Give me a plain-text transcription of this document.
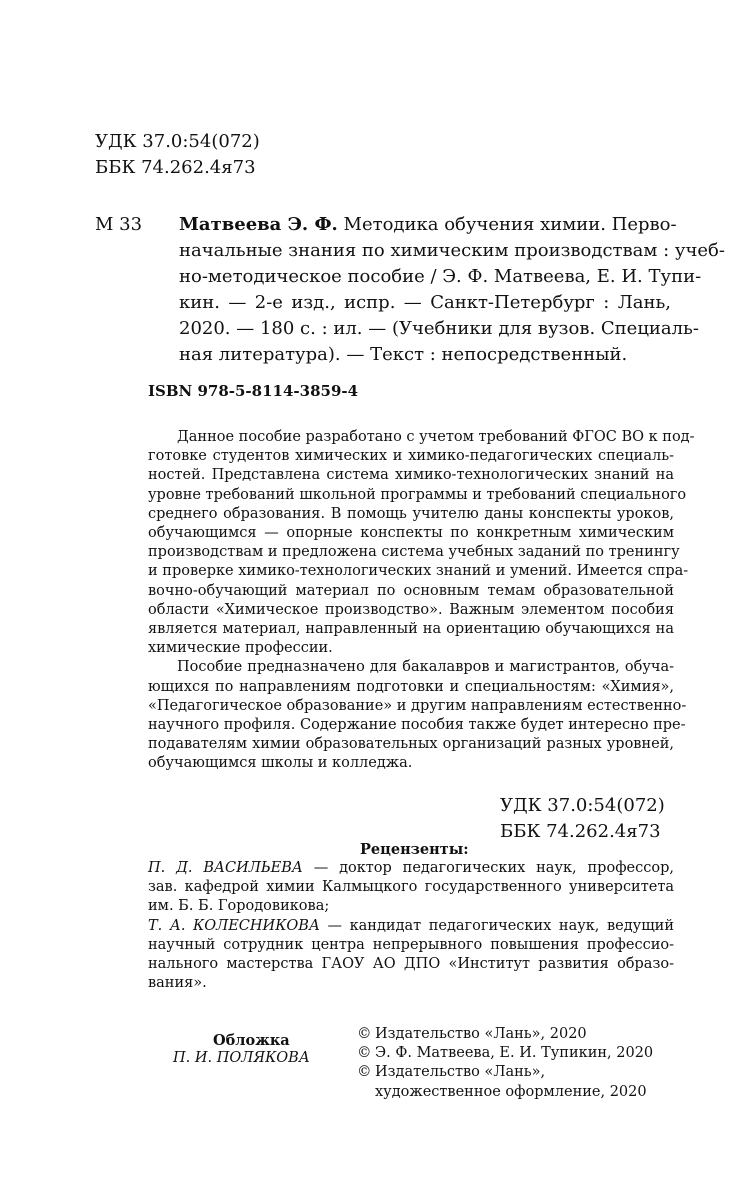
УДК 37.0:54(072)
ББК 74.262.4я73
М 33 Матвеева Э. Ф. Методика обучения химии. Перво-
начальные знания по химическим производствам : учеб-
но-методическое пособие / Э. Ф. Матвеева, Е. И. Тупи-
кин. — 2-е изд., испр. — Санкт-Петербург : Лань,
2020. — 180 с. : ил. — (Учебники для вузов. Специаль-
ная литература). — Текст : непосредственный.
ISBN 978-5-8114-3859-4
Данное пособие разработано с учетом требований ФГОС ВО к под-
готовке студентов химических и химико-педагогических специаль-
ностей. Представлена система химико-технологических знаний на
уровне требований школьной программы и требований специального
среднего образования. В помощь учителю даны конспекты уроков,
обучающимся — опорные конспекты по конкретным химическим
производствам и предложена система учебных заданий по тренингу
и проверке химико-технологических знаний и умений. Имеется спра-
вочно-обучающий материал по основным темам образовательной
области «Химическое производство». Важным элементом пособия
является материал, направленный на ориентацию обучающихся на
химические профессии.
Пособие предназначено для бакалавров и магистрантов, обуча-
ющихся по направлениям подготовки и специальностям: «Химия»,
«Педагогическое образование» и другим направлениям естественно-
научного профиля. Содержание пособия также будет интересно пре-
подавателям химии образовательных организаций разных уровней,
обучающимся школы и колледжа.
УДК 37.0:54(072)
ББК 74.262.4я73
Рецензенты:
П. Д. ВАСИЛЬЕВА — доктор педагогических наук, профессор,
зав. кафедрой химии Калмыцкого государственного университета
им. Б. Б. Городовикова;
Т. А. КОЛЕСНИКОВА — кандидат педагогических наук, ведущий
научный сотрудник центра непрерывного повышения профессио-
нального мастерства ГАОУ АО ДПО «Институт развития образо-
вания».
Обложка
П. И. ПОЛЯКОВА
© Издательство «Лань», 2020
© Э. Ф. Матвеева, Е. И. Тупикин, 2020
© Издательство «Лань»,
художественное оформление, 2020
